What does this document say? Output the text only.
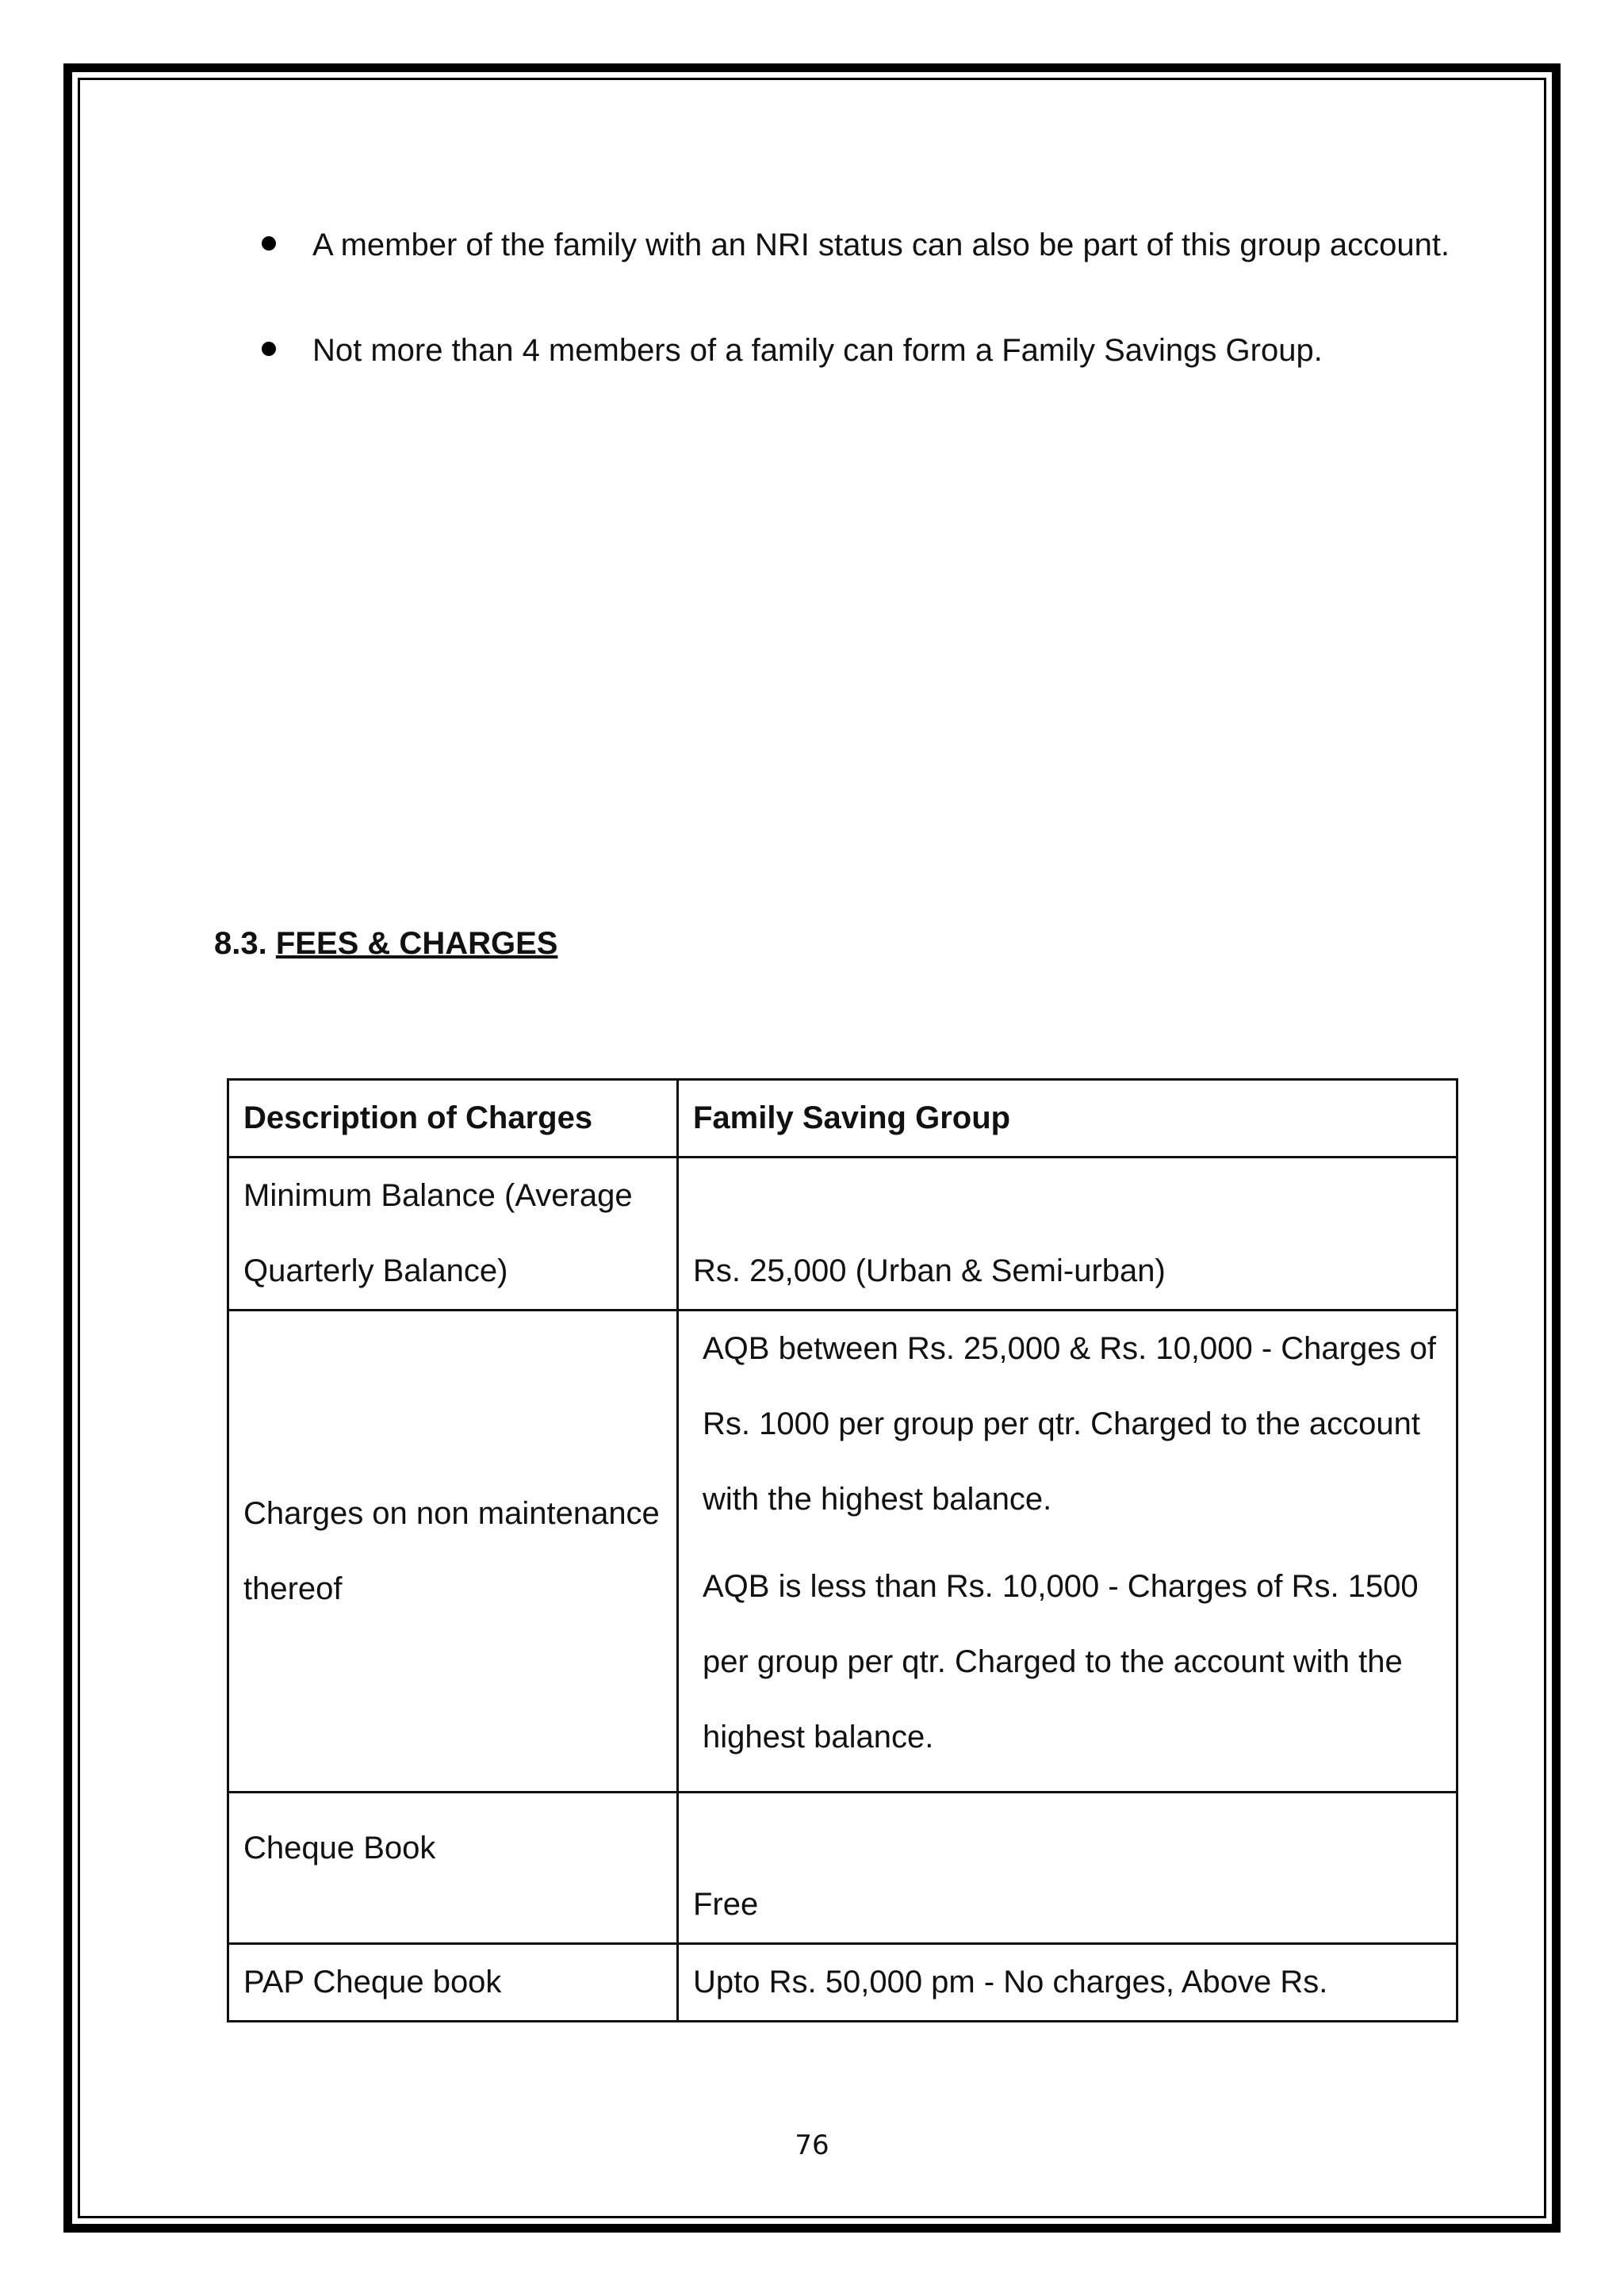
A member of the family with an NRI status can also be part of this group account.
Not more than 4 members of a family can form a Family Savings Group.
8.3. FEES & CHARGES
Description of Charges	Family Saving Group
Minimum Balance (Average Quarterly Balance)	Rs. 25,000 (Urban & Semi-urban)
Charges on non maintenance thereof	AQB between Rs. 25,000 & Rs. 10,000 - Charges of Rs. 1000 per group per qtr. Charged to the account with the highest balance.

AQB is less than Rs. 10,000 - Charges of Rs. 1500 per group per qtr. Charged to the account with the highest balance.

Cheque Book	Free
PAP Cheque book	Upto Rs. 50,000 pm - No charges, Above Rs.
76
